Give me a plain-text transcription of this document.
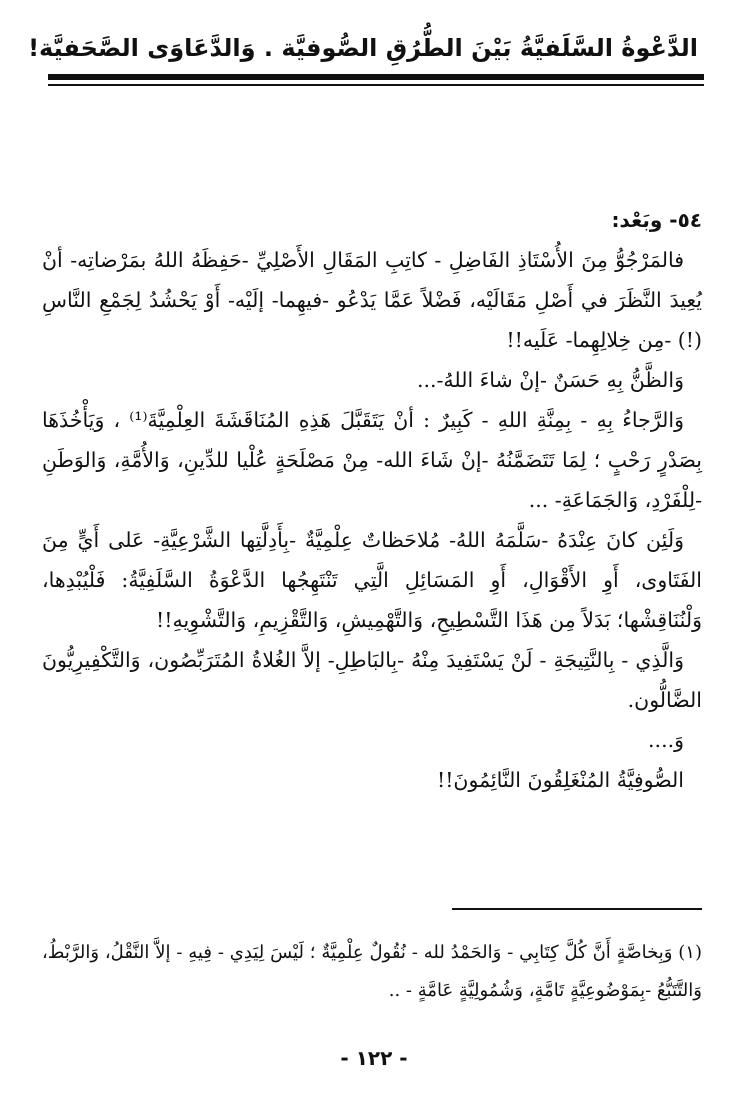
الدَّعْوةُ السَّلَفيَّةُ بَيْنَ الطُّرُقِ الصُّوفيَّة . وَالدَّعَاوَى الصَّحَفيَّة!

٥٤- وبَعْد:

فالمَرْجُوُّ مِنَ الأُسْتَاذِ الفَاضِلِ - كاتِبِ المَقَالِ الأَصْلِيِّ -حَفِظَهُ اللهُ بمَرْضاتِه- أنْ يُعِيدَ النَّظَرَ في أَصْلِ مَقَالَيْه، فَضْلاً عَمَّا يَدْعُو -فيهِما- إلَيْه- أَوْ يَحْشُدُ لِجَمْعِ النَّاسِ (!) -مِن خِلالِهِما- عَلَيه!!

وَالظَّنُّ بِهِ حَسَنٌ -إنْ شاءَ اللهُ-...

وَالرَّجاءُ بِهِ - بِمِنَّةِ اللهِ - كَبِيرٌ : أنْ يَتَقَبَّلَ هَذِهِ المُنَاقَشَةَ العِلْمِيَّةَ⁽¹⁾ ، وَيَأْخُذَهَا بِصَدْرٍ رَحْبٍ ؛ لِمَا تَتَضَمَّنُهُ -إنْ شَاءَ الله- مِنْ مَصْلَحَةٍ عُلْيا للدِّينِ، وَالأُمَّةِ، وَالوَطَنِ -لِلْفَرْدِ، وَالجَمَاعَةِ- ...

وَلَئِن كانَ عِنْدَهُ -سَلَّمَهُ اللهُ- مُلاحَظاتٌ عِلْمِيَّةٌ -بِأَدِلَّتِها الشَّرْعِيَّةِ- عَلى أَيٍّ مِنَ الفَتَاوى، أَوِ الأَقْوَالِ، أَوِ المَسَائِلِ الَّتِي تَنْتَهِجُها الدَّعْوَةُ السَّلَفِيَّةُ: فَلْيُبْدِها، وَلْنُنَاقِشْها؛ بَدَلاً مِن هَذَا التَّسْطِيحِ، وَالتَّهْمِيشِ، وَالتَّقْزِيمِ، وَالتَّشْوِيهِ!!

وَالَّذِي - بِالنَّتِيجَةِ - لَنْ يَسْتَفِيدَ مِنْهُ -بِالبَاطِلِ- إلاَّ الغُلاةُ المُتَرَبِّصُون، وَالتَّكْفِيرِيُّونَ الضَّالُّون.

وَ....

الصُّوفِيَّةُ المُنْغَلِقُونَ النَّائِمُونَ!!

(١) وَبِخاصَّةٍ أَنَّ كُلَّ كِتَابِي - وَالحَمْدُ لله - نُقُولٌ عِلْمِيَّةٌ ؛ لَيْسَ لِيَدِي - فِيهِ - إلاَّ النَّقْلُ، وَالرَّبْطُ، وَالتَّتَبُّعُ -بِمَوْضُوعِيَّةٍ تَامَّةٍ، وَشُمُولِيَّةٍ عَامَّةٍ - ..

- ١٢٢ -
